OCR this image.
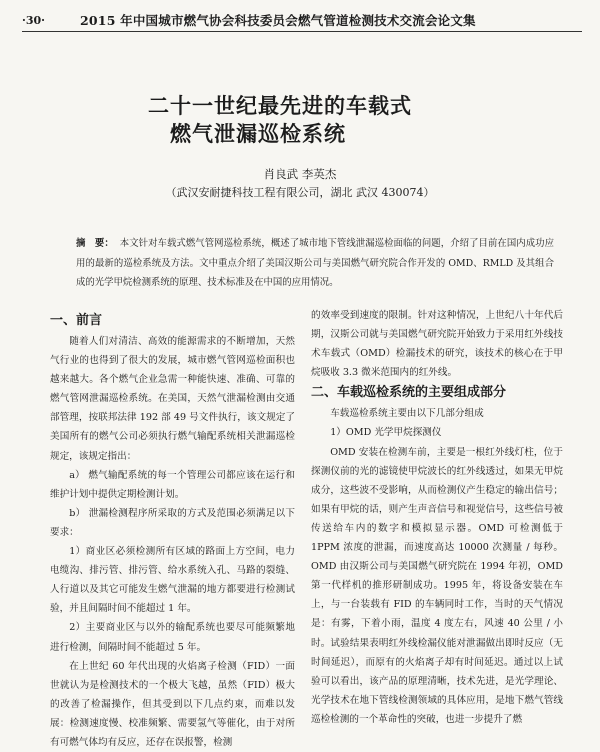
·30·	2015 年中国城市燃气协会科技委员会燃气管道检测技术交流会论文集
二十一世纪最先进的车载式
燃气泄漏巡检系统
肖良武 李英杰
（武汉安耐捷科技工程有限公司，湖北 武汉 430074）
摘　要： 本文针对车载式燃气管网巡检系统，概述了城市地下管线泄漏巡检面临的问题，介绍了目前在国内成功应用的最新的巡检系统及方法。文中重点介绍了美国汉斯公司与美国燃气研究院合作开发的 OMD、RMLD 及其组合成的光学甲烷检测系统的原理、技术标准及在中国的应用情况。
一、前言

随着人们对清洁、高效的能源需求的不断增加，天然气行业的也得到了很大的发展，城市燃气管网巡检面积也越来越大。各个燃气企业急需一种能快速、准确、可靠的燃气管网泄漏巡检系统。在美国，天然气泄漏检测由交通部管理，按联邦法律 192 部 49 号文件执行，该文规定了美国所有的燃气公司必须执行燃气输配系统相关泄漏巡检规定，该规定指出：

a） 燃气输配系统的每一个管理公司都应该在运行和维护计划中提供定期检测计划。

b） 泄漏检测程序所采取的方式及范围必须满足以下要求：

1）商业区必须检测所有区域的路面上方空间，电力电缆沟、排污管、排污管、给水系统入孔、马路的裂缝、人行道以及其它可能发生燃气泄漏的地方都要进行检测试验，并且间隔时间不能超过 1 年。

2）主要商业区与以外的输配系统也要尽可能频繁地进行检测，间隔时间不能超过 5 年。

在上世纪 60 年代出现的火焰离子检测（FID）一面世就认为是检测技术的一个极大飞越，虽然（FID）极大的改善了检漏操作，但其受到以下几点约束，而难以发展：检测速度慢、校准频繁、需要氢气等催化，由于对所有可燃气体均有反应，还存在误报警，检测

的效率受到速度的限制。针对这种情况，上世纪八十年代后期，汉斯公司就与美国燃气研究院开始致力于采用红外线技术车载式（OMD）检漏技术的研究，该技术的核心在于甲烷吸收 3.3 微米范围内的红外线。

二、车载巡检系统的主要组成部分
车载巡检系统主要由以下几部分组成
1）OMD 光学甲烷探测仪

OMD 安装在检测车前，主要是一根红外线灯柱，位于探测仪前的光的滤镜使甲烷波长的红外线透过，如果无甲烷成分，这些波不受影响，从而检测仪产生稳定的输出信号；如果有甲烷的话，则产生声音信号和视觉信号，这些信号被传送给车内的数字和模拟显示器。OMD 可检测低于 1PPM 浓度的泄漏，而速度高达 10000 次测量 / 每秒。OMD 由汉斯公司与美国燃气研究院在 1994 年初，OMD 第一代样机的推形研制成功。1995 年，将设备安装在车上，与一台装载有 FID 的车辆同时工作，当时的天气情况是：有雾，下着小雨，温度 4 度左右，风速 40 公里 / 小时。试验结果表明红外线检漏仪能对泄漏做出即时反应（无时间延迟），而原有的火焰离子却有时间延迟。通过以上试验可以看出，该产品的原理清晰，技术先进，是光学理论、光学技术在地下管线检测领域的具体应用，是地下燃气管线巡检检测的一个革命性的突破，也进一步提升了燃
